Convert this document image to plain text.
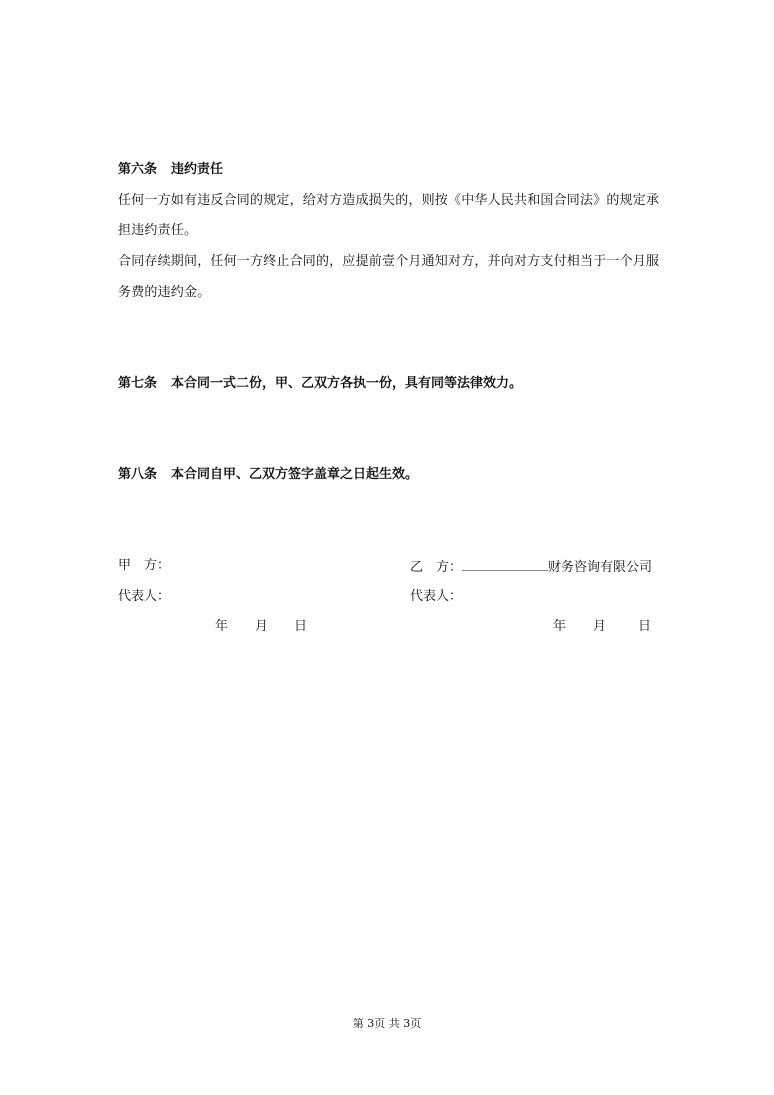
第六条 违约责任
任何一方如有违反合同的规定，给对方造成损失的，则按《中华人民共和国合同法》的规定承
担违约责任。
合同存续期间，任何一方终止合同的，应提前壹个月通知对方，并向对方支付相当于一个月服
务费的违约金。
第七条 本合同一式二份，甲、乙双方各执一份，具有同等法律效力。
第八条 本合同自甲、乙双方签字盖章之日起生效。
甲　方：	乙　方：	财务咨询有限公司
代表人：	代表人：
年 月 日	年 月 日
第 3页 共 3页
